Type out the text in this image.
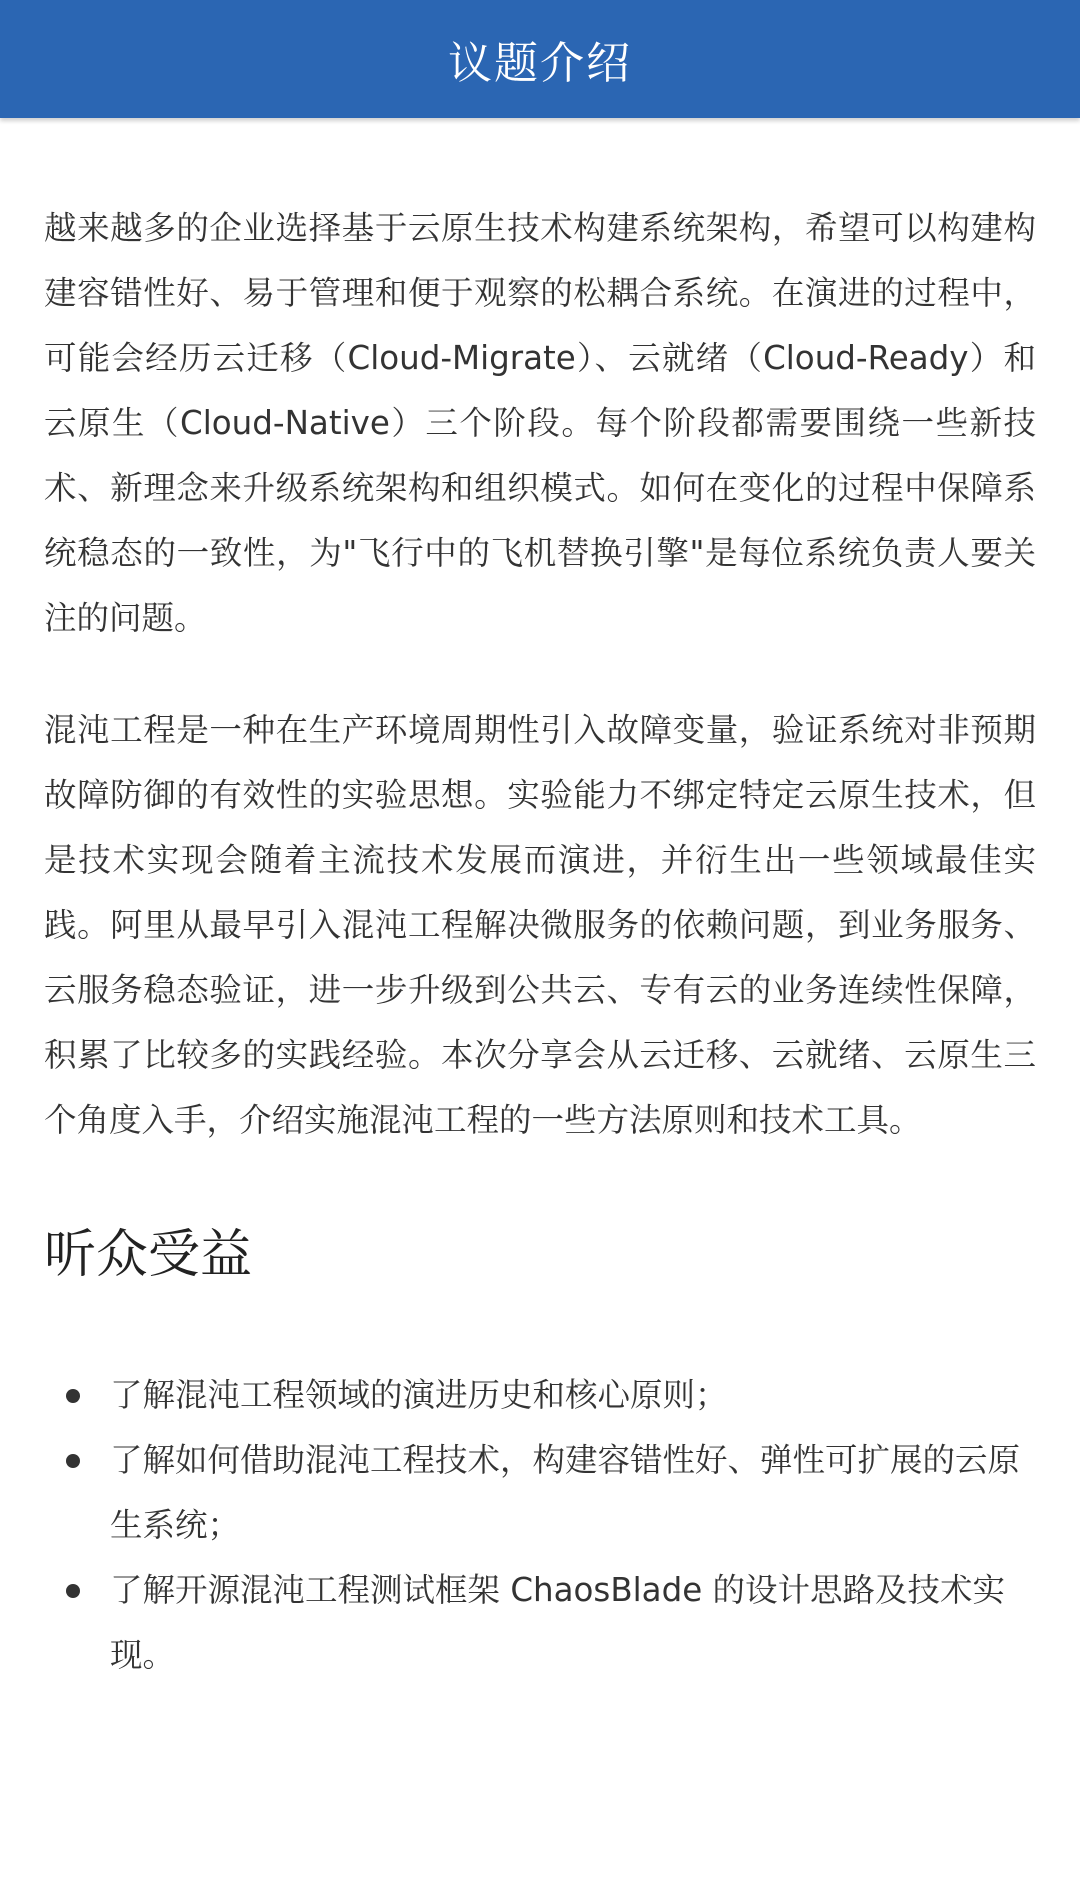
议题介绍

越来越多的企业选择基于云原生技术构建系统架构，希望可以构建构建容错性好、易于管理和便于观察的松耦合系统。在演进的过程中，可能会经历云迁移（Cloud-Migrate）、云就绪（Cloud-Ready）和云原生（Cloud-Native）三个阶段。每个阶段都需要围绕一些新技术、新理念来升级系统架构和组织模式。如何在变化的过程中保障系统稳态的一致性，为"飞行中的飞机替换引擎"是每位系统负责人要关注的问题。

混沌工程是一种在生产环境周期性引入故障变量，验证系统对非预期故障防御的有效性的实验思想。实验能力不绑定特定云原生技术，但是技术实现会随着主流技术发展而演进，并衍生出一些领域最佳实践。阿里从最早引入混沌工程解决微服务的依赖问题，到业务服务、云服务稳态验证，进一步升级到公共云、专有云的业务连续性保障，积累了比较多的实践经验。本次分享会从云迁移、云就绪、云原生三个角度入手，介绍实施混沌工程的一些方法原则和技术工具。

听众受益
了解混沌工程领域的演进历史和核心原则；
了解如何借助混沌工程技术，构建容错性好、弹性可扩展的云原生系统；
了解开源混沌工程测试框架 ChaosBlade 的设计思路及技术实现。
